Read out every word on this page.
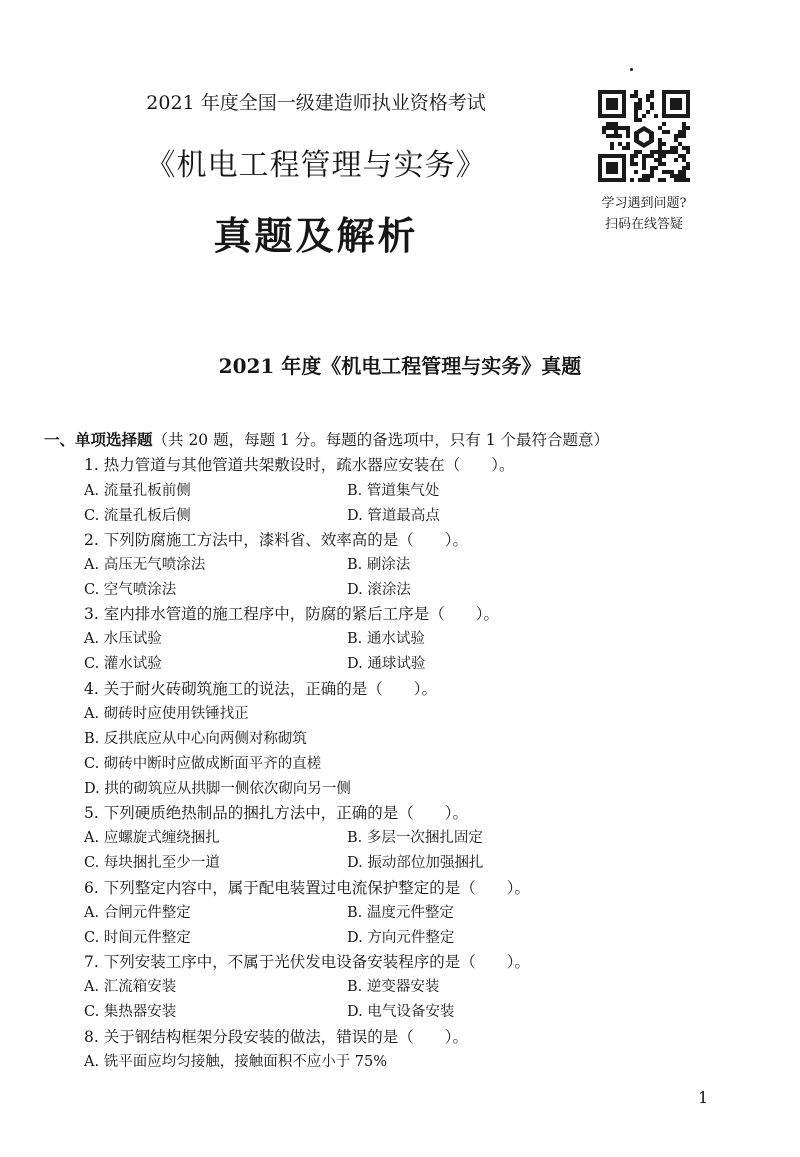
2021 年度全国一级建造师执业资格考试
《机电工程管理与实务》
真题及解析
学习遇到问题?
扫码在线答疑
2021 年度《机电工程管理与实务》真题
一、单项选择题（共 20 题，每题 1 分。每题的备选项中，只有 1 个最符合题意）
1. 热力管道与其他管道共架敷设时，疏水器应安装在（　　）。
A. 流量孔板前侧	B. 管道集气处
C. 流量孔板后侧	D. 管道最高点
2. 下列防腐施工方法中，漆料省、效率高的是（　　）。
A. 高压无气喷涂法	B. 刷涂法
C. 空气喷涂法	D. 滚涂法
3. 室内排水管道的施工程序中，防腐的紧后工序是（　　）。
A. 水压试验	B. 通水试验
C. 灌水试验	D. 通球试验
4. 关于耐火砖砌筑施工的说法，正确的是（　　）。
A. 砌砖时应使用铁锤找正
B. 反拱底应从中心向两侧对称砌筑
C. 砌砖中断时应做成断面平齐的直槎
D. 拱的砌筑应从拱脚一侧依次砌向另一侧
5. 下列硬质绝热制品的捆扎方法中，正确的是（　　）。
A. 应螺旋式缠绕捆扎	B. 多层一次捆扎固定
C. 每块捆扎至少一道	D. 振动部位加强捆扎
6. 下列整定内容中，属于配电装置过电流保护整定的是（　　）。
A. 合闸元件整定	B. 温度元件整定
C. 时间元件整定	D. 方向元件整定
7. 下列安装工序中，不属于光伏发电设备安装程序的是（　　）。
A. 汇流箱安装	B. 逆变器安装
C. 集热器安装	D. 电气设备安装
8. 关于钢结构框架分段安装的做法，错误的是（　　）。
A. 铣平面应均匀接触，接触面积不应小于 75%
1
